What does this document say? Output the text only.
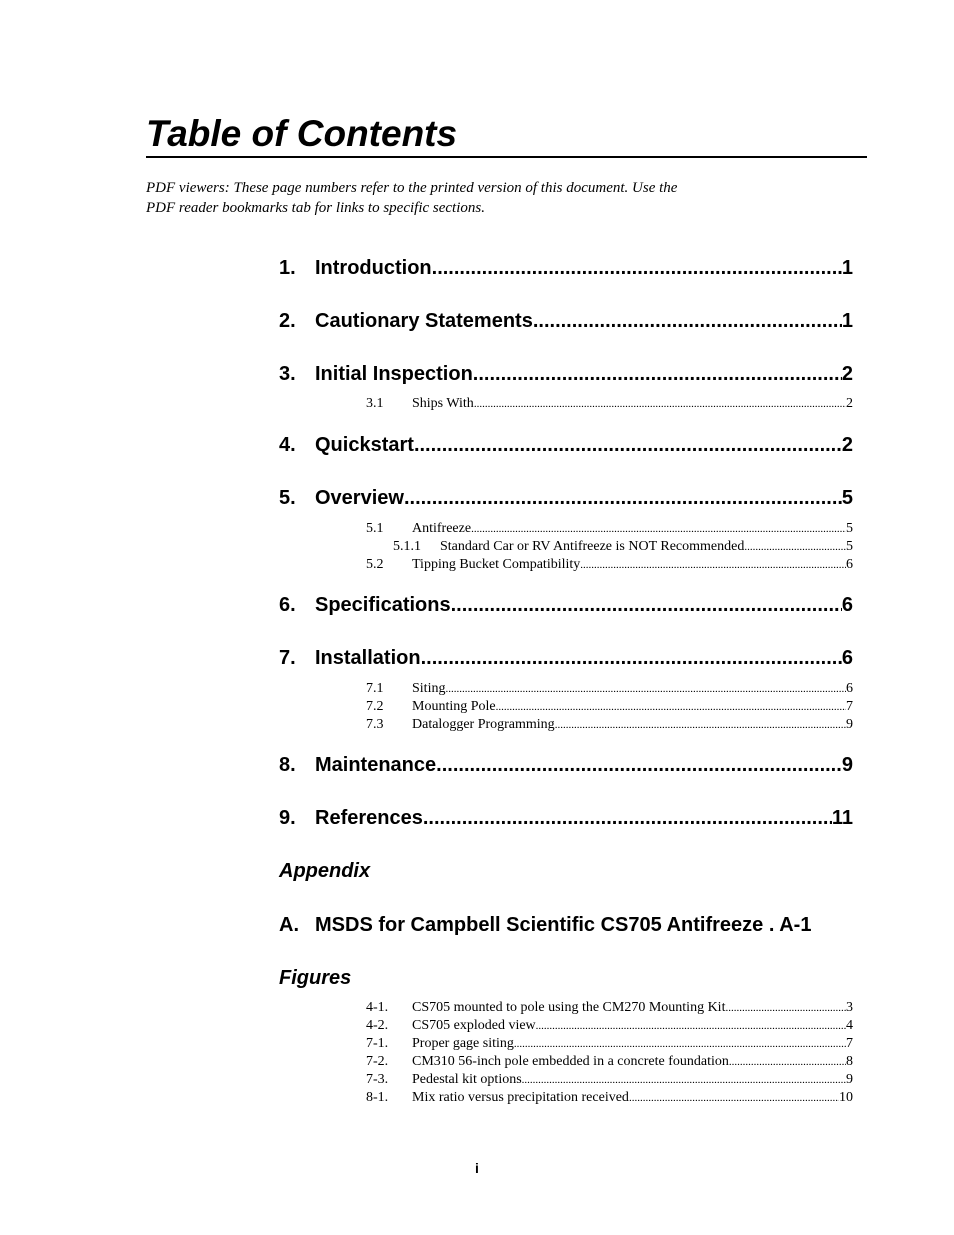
Table of Contents
PDF viewers: These page numbers refer to the printed version of this document. Use the
PDF reader bookmarks tab for links to specific sections.
1. Introduction .....	1
2. Cautionary Statements .....	1
3. Initial Inspection .....	2
3.1	Ships With .....	2
4. Quickstart .....	2
5. Overview .....	5
5.1	Antifreeze .....	5
5.1.1	Standard Car or RV Antifreeze is NOT Recommended .....	5
5.2	Tipping Bucket Compatibility .....	6
6. Specifications .....	6
7. Installation .....	6
7.1	Siting .....	6
7.2	Mounting Pole .....	7
7.3	Datalogger Programming .....	9
8. Maintenance .....	9
9. References .....	11
Appendix
A. MSDS for Campbell Scientific CS705 Antifreeze . A-1
Figures
4-1.	CS705 mounted to pole using the CM270 Mounting Kit .....	3
4-2.	CS705 exploded view .....	4
7-1.	Proper gage siting .....	7
7-2.	CM310 56-inch pole embedded in a concrete foundation .....	8
7-3.	Pedestal kit options .....	9
8-1.	Mix ratio versus precipitation received .....	10
i
